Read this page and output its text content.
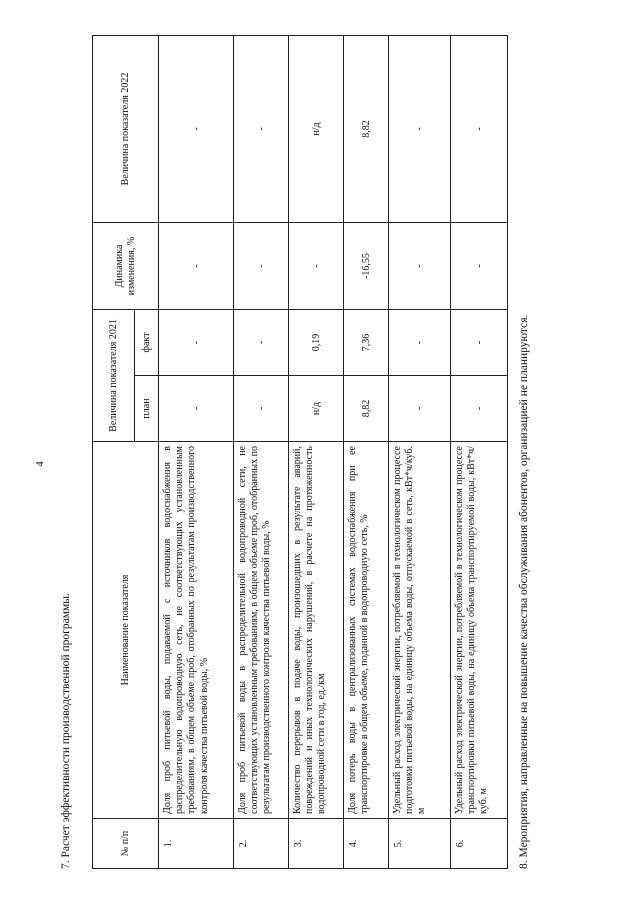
4
7. Расчет эффективности производственной программы.	№ п/п	Наименование показателя	Величина показателя 2021		Динамика изменения, %	Величина показателя 2022
		план	факт		
1.	Доля проб питьевой воды, подаваемой с источников водоснабжения в распределительную водопроводную сеть, не соответствующих установленным требованиям, в общем объеме проб, отобранных по результатам производственного контроля качества питьевой воды, %	-	-	-	-
2.	Доля проб питьевой воды в распределительной водопроводной сети, не соответствующих установленным требованиям, в общем объеме проб, отобранных по результатам производственного контроля качества питьевой воды, %	-	-	-	-
3.	Количество перерывов в подаче воды, произошедших в результате аварий, повреждений и иных технологических нарушений, в расчете на протяженность водопроводной сети в год, ед./км	н/д	0,19	-	н/д
4.	Доля потерь воды в централизованных системах водоснабжения при ее транспортировке в общем объеме, поданной в водопроводную сеть, %	8,82	7,36	-16,55	8,82
5.	Удельный расход электрической энергии, потребляемой в технологическом процессе подготовки питьевой воды, на единицу объема воды, отпускаемой в сеть, кВт*ч/куб. м	-	-	-	-
6.	Удельный расход электрической энергии, потребляемой в технологическом процессе транспортировки питьевой воды, на единицу объема транспортируемой воды, кВт*ч/куб. м	-	-	-	-
8. Мероприятия, направленные на повышение качества обслуживания абонентов, организацией не планируются.
